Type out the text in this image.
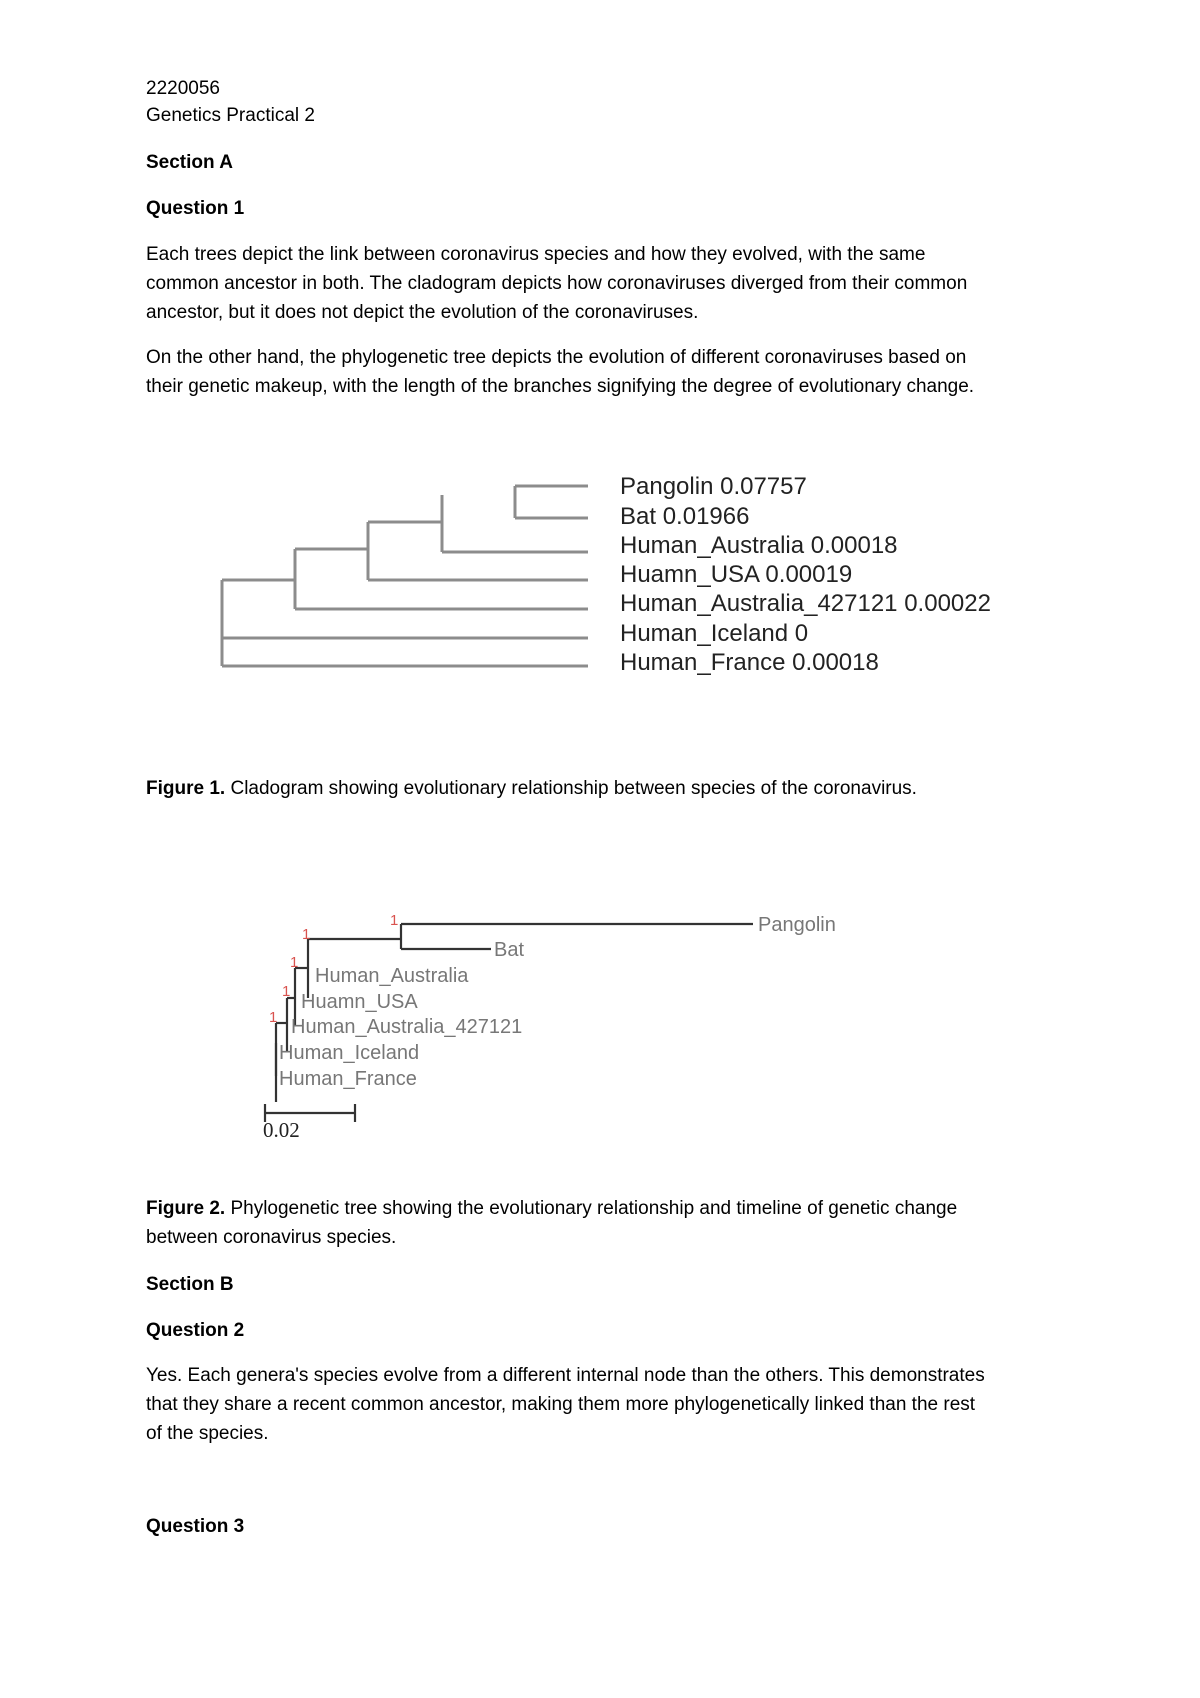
2220056
Genetics Practical 2
Section A
Question 1
Each trees depict the link between coronavirus species and how they evolved, with the same
common ancestor in both. The cladogram depicts how coronaviruses diverged from their common
ancestor, but it does not depict the evolution of the coronaviruses.
On the other hand, the phylogenetic tree depicts the evolution of different coronaviruses based on
their genetic makeup, with the length of the branches signifying the degree of evolutionary change.
Pangolin 0.07757
Bat 0.01966
Human_Australia 0.00018
Huamn_USA 0.00019
Human_Australia_427121 0.00022
Human_Iceland 0
Human_France 0.00018
Figure 1. Cladogram showing evolutionary relationship between species of the coronavirus.
1
1
1
1
1
Pangolin
Bat
Human_Australia
Huamn_USA
Human_Australia_427121
Human_Iceland
Human_France
0.02
Figure 2. Phylogenetic tree showing the evolutionary relationship and timeline of genetic change
between coronavirus species.
Section B
Question 2
Yes. Each genera's species evolve from a different internal node than the others. This demonstrates
that they share a recent common ancestor, making them more phylogenetically linked than the rest
of the species.
Question 3
